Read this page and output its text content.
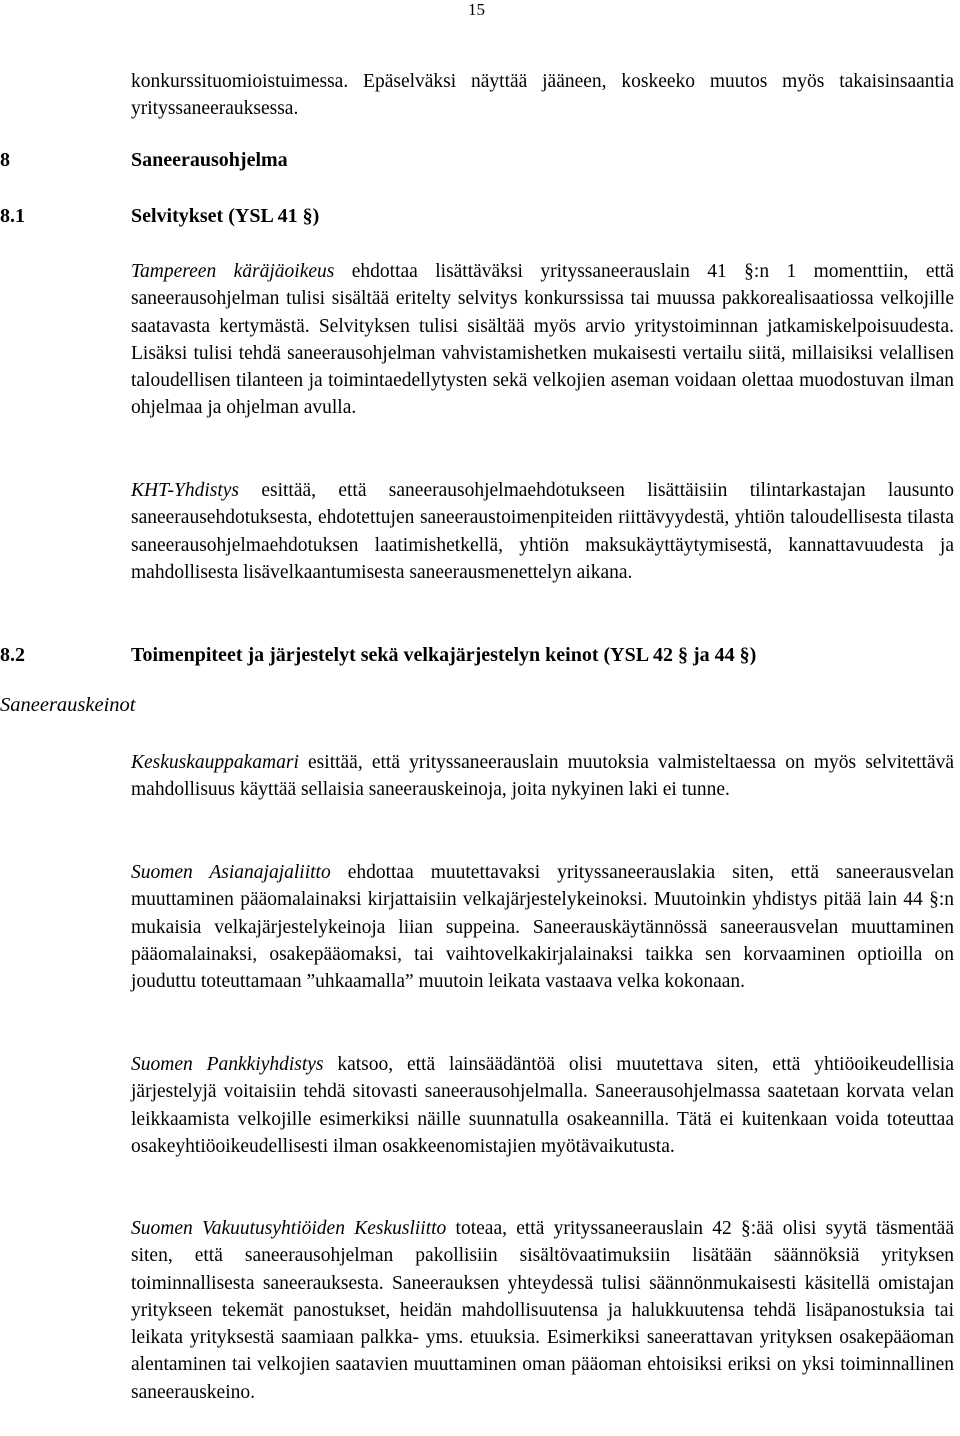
15

konkurssituomioistuimessa. Epäselväksi näyttää jääneen, koskeeko muutos myös takaisinsaantia yrityssaneerauksessa.

8	Saneerausohjelma
8.1	Selvitykset (YSL 41 §)

Tampereen käräjäoikeus ehdottaa lisättäväksi yrityssaneerauslain 41 §:n 1 momenttiin, että saneerausohjelman tulisi sisältää eritelty selvitys konkurssissa tai muussa pakkorealisaatiossa velkojille saatavasta kertymästä. Selvityksen tulisi sisältää myös arvio yritystoiminnan jatkamiskelpoisuudesta. Lisäksi tulisi tehdä saneerausohjelman vahvistamishetken mukaisesti vertailu siitä, millaisiksi velallisen taloudellisen tilanteen ja toimintaedellytysten sekä velkojien aseman voidaan olettaa muodostuvan ilman ohjelmaa ja ohjelman avulla.

KHT-Yhdistys esittää, että saneerausohjelmaehdotukseen lisättäisiin tilintarkastajan lausunto saneerausehdotuksesta, ehdotettujen saneeraustoimenpiteiden riittävyydestä, yhtiön taloudellisesta tilasta saneerausohjelmaehdotuksen laatimishetkellä, yhtiön maksukäyttäytymisestä, kannattavuudesta ja mahdollisesta lisävelkaantumisesta saneerausmenettelyn aikana.

8.2	Toimenpiteet ja järjestelyt sekä velkajärjestelyn keinot (YSL 42 § ja 44 §)
Saneerauskeinot

Keskuskauppakamari esittää, että yrityssaneerauslain muutoksia valmisteltaessa on myös selvitettävä mahdollisuus käyttää sellaisia saneerauskeinoja, joita nykyinen laki ei tunne.

Suomen Asianajajaliitto ehdottaa muutettavaksi yrityssaneerauslakia siten, että saneerausvelan muuttaminen pääomalainaksi kirjattaisiin velkajärjestelykeinoksi. Muutoinkin yhdistys pitää lain 44 §:n mukaisia velkajärjestelykeinoja liian suppeina. Saneerauskäytännössä saneerausvelan muuttaminen pääomalainaksi, osakepääomaksi, tai vaihtovelkakirjalainaksi taikka sen korvaaminen optioilla on jouduttu toteuttamaan ”uhkaamalla” muutoin leikata vastaava velka kokonaan.

Suomen Pankkiyhdistys katsoo, että lainsäädäntöä olisi muutettava siten, että yhtiöoikeudellisia järjestelyjä voitaisiin tehdä sitovasti saneerausohjelmalla. Saneerausohjelmassa saatetaan korvata velan leikkaamista velkojille esimerkiksi näille suunnatulla osakeannilla. Tätä ei kuitenkaan voida toteuttaa osakeyhtiöoikeudellisesti ilman osakkeenomistajien myötävaikutusta.

Suomen Vakuutusyhtiöiden Keskusliitto toteaa, että yrityssaneerauslain 42 §:ää olisi syytä täsmentää siten, että saneerausohjelman pakollisiin sisältövaatimuksiin lisätään säännöksiä yrityksen toiminnallisesta saneerauksesta. Saneerauksen yhteydessä tulisi säännönmukaisesti käsitellä omistajan yritykseen tekemät panostukset, heidän mahdollisuutensa ja halukkuutensa tehdä lisäpanostuksia tai leikata yrityksestä saamiaan palkka- yms. etuuksia. Esimerkiksi saneerattavan yrityksen osakepääoman alentaminen tai velkojien saatavien muuttaminen oman pääoman ehtoisiksi eriksi on yksi toiminnallinen saneerauskeino.
